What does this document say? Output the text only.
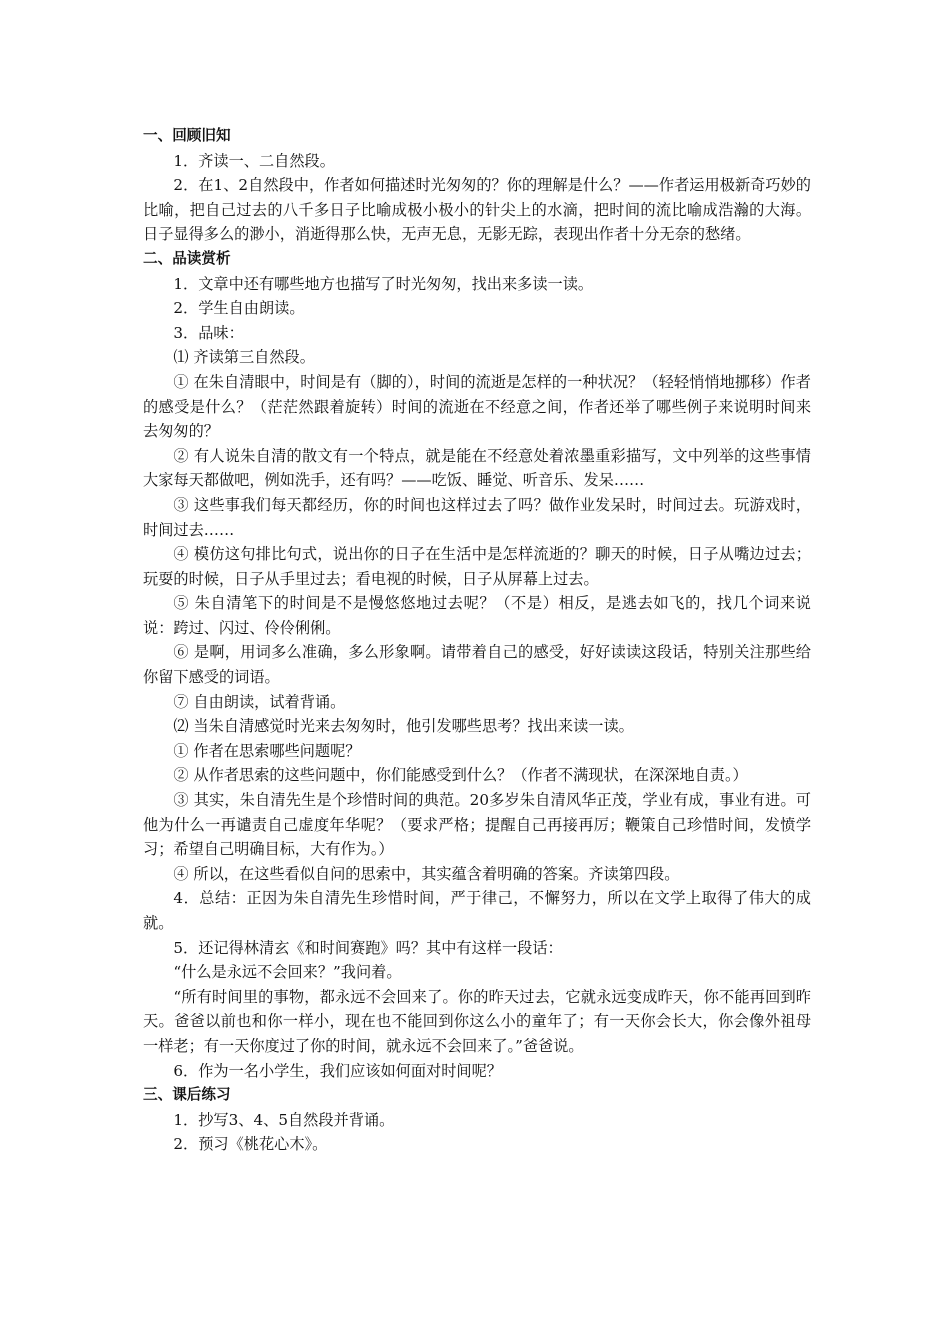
一、回顾旧知
1．齐读一、二自然段。
2．在1、2自然段中，作者如何描述时光匆匆的？你的理解是什么？——作者运用极新奇巧妙的比喻，把自己过去的八千多日子比喻成极小极小的针尖上的水滴，把时间的流比喻成浩瀚的大海。日子显得多么的渺小，消逝得那么快，无声无息，无影无踪，表现出作者十分无奈的愁绪。
二、品读赏析
1．文章中还有哪些地方也描写了时光匆匆，找出来多读一读。
2．学生自由朗读。
3．品味：
⑴ 齐读第三自然段。
① 在朱自清眼中，时间是有（脚的），时间的流逝是怎样的一种状况？（轻轻悄悄地挪移）作者的感受是什么？（茫茫然跟着旋转）时间的流逝在不经意之间，作者还举了哪些例子来说明时间来去匆匆的？
② 有人说朱自清的散文有一个特点，就是能在不经意处着浓墨重彩描写，文中列举的这些事情大家每天都做吧，例如洗手，还有吗？——吃饭、睡觉、听音乐、发呆……
③ 这些事我们每天都经历，你的时间也这样过去了吗？做作业发呆时，时间过去。玩游戏时，时间过去……
④ 模仿这句排比句式，说出你的日子在生活中是怎样流逝的？聊天的时候，日子从嘴边过去；玩耍的时候，日子从手里过去；看电视的时候，日子从屏幕上过去。
⑤ 朱自清笔下的时间是不是慢悠悠地过去呢？（不是）相反，是逃去如飞的，找几个词来说说：跨过、闪过、伶伶俐俐。
⑥ 是啊，用词多么准确，多么形象啊。请带着自己的感受，好好读读这段话，特别关注那些给你留下感受的词语。
⑦ 自由朗读，试着背诵。
⑵ 当朱自清感觉时光来去匆匆时，他引发哪些思考？找出来读一读。
① 作者在思索哪些问题呢？
② 从作者思索的这些问题中，你们能感受到什么？（作者不满现状，在深深地自责。）
③ 其实，朱自清先生是个珍惜时间的典范。20多岁朱自清风华正茂，学业有成，事业有进。可他为什么一再谴责自己虚度年华呢？（要求严格；提醒自己再接再厉；鞭策自己珍惜时间，发愤学习；希望自己明确目标，大有作为。）
④ 所以，在这些看似自问的思索中，其实蕴含着明确的答案。齐读第四段。
4．总结：正因为朱自清先生珍惜时间，严于律己，不懈努力，所以在文学上取得了伟大的成就。
5．还记得林清玄《和时间赛跑》吗？其中有这样一段话：
“什么是永远不会回来？”我问着。
“所有时间里的事物，都永远不会回来了。你的昨天过去，它就永远变成昨天，你不能再回到昨天。爸爸以前也和你一样小，现在也不能回到你这么小的童年了；有一天你会长大，你会像外祖母一样老；有一天你度过了你的时间，就永远不会回来了。”爸爸说。
6．作为一名小学生，我们应该如何面对时间呢？
三、课后练习
1．抄写3、4、5自然段并背诵。
2．预习《桃花心木》。
